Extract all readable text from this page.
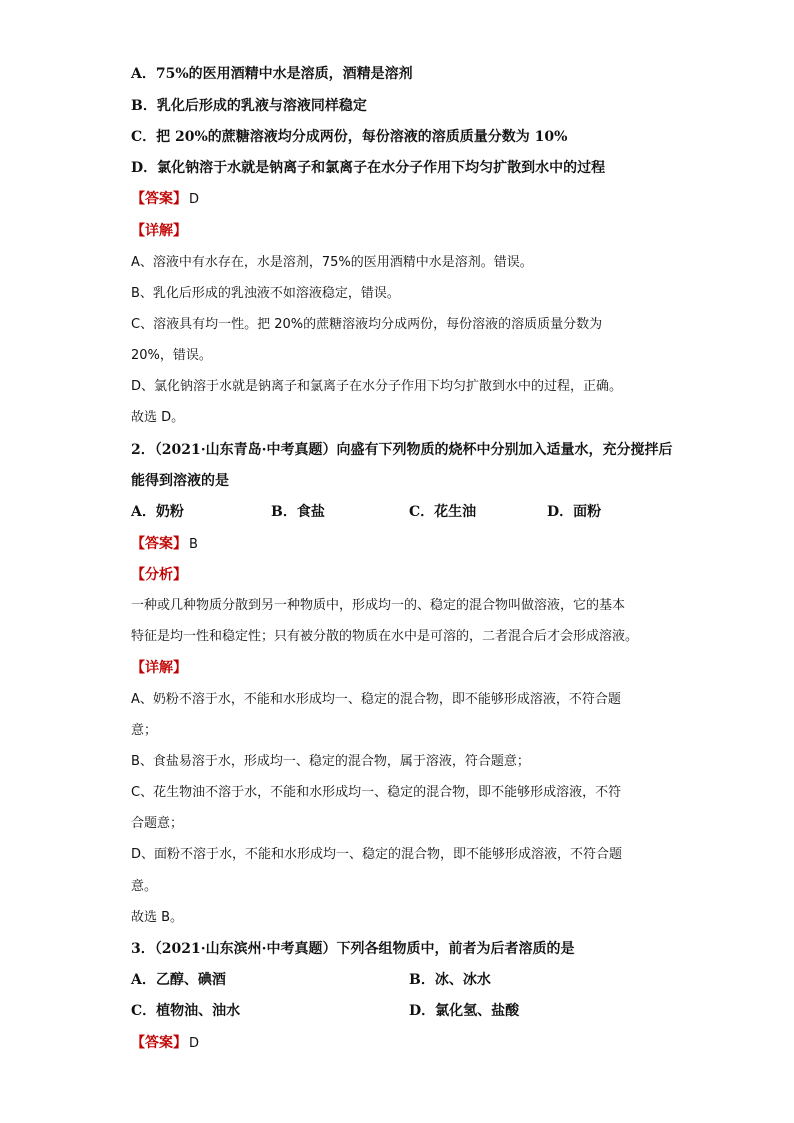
A．75%的医用酒精中水是溶质，酒精是溶剂
B．乳化后形成的乳液与溶液同样稳定
C．把 20%的蔗糖溶液均分成两份，每份溶液的溶质质量分数为 10%
D．氯化钠溶于水就是钠离子和氯离子在水分子作用下均匀扩散到水中的过程
【答案】 D
【详解】
A、溶液中有水存在，水是溶剂，75%的医用酒精中水是溶剂。错误。
B、乳化后形成的乳浊液不如溶液稳定，错误。
C、溶液具有均一性。把 20%的蔗糖溶液均分成两份，每份溶液的溶质质量分数为
20%，错误。
D、氯化钠溶于水就是钠离子和氯离子在水分子作用下均匀扩散到水中的过程，正确。
故选 D。
2．（2021·山东青岛·中考真题）向盛有下列物质的烧杯中分别加入适量水，充分搅拌后
能得到溶液的是
A．奶粉	B．食盐	C．花生油	D．面粉
【答案】 B
【分析】
一种或几种物质分散到另一种物质中，形成均一的、稳定的混合物叫做溶液，它的基本
特征是均一性和稳定性；只有被分散的物质在水中是可溶的，二者混合后才会形成溶液。
【详解】
A、奶粉不溶于水，不能和水形成均一、稳定的混合物，即不能够形成溶液，不符合题
意；
B、食盐易溶于水，形成均一、稳定的混合物，属于溶液，符合题意；
C、花生物油不溶于水，不能和水形成均一、稳定的混合物，即不能够形成溶液，不符
合题意；
D、面粉不溶于水，不能和水形成均一、稳定的混合物，即不能够形成溶液，不符合题
意。
故选 B。
3．（2021·山东滨州·中考真题）下列各组物质中，前者为后者溶质的是
A．乙醇、碘酒	B．冰、冰水
C．植物油、油水	D．氯化氢、盐酸
【答案】 D
